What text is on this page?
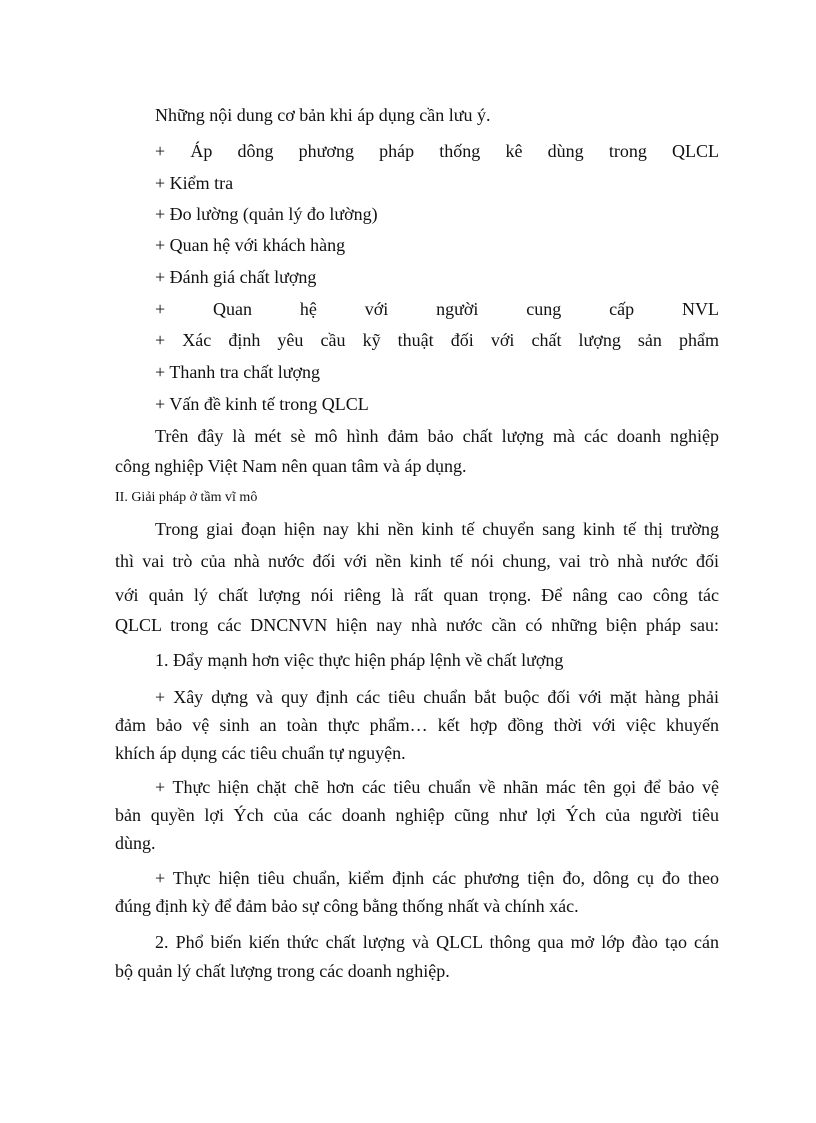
Những nội dung cơ bản khi áp dụng cần lưu ý.
+ Áp dông phương pháp thống kê dùng trong QLCL
+ Kiểm tra
+ Đo lường (quản lý đo lường)
+ Quan hệ với khách hàng
+ Đánh giá chất lượng
+ Quan hệ với người cung cấp NVL
+ Xác định yêu cầu kỹ thuật đối với chất lượng sản phẩm
+ Thanh tra chất lượng
+ Vấn đề kinh tế trong QLCL
Trên đây là mét sè mô hình đảm bảo chất lượng mà các doanh nghiệp
công nghiệp Việt Nam nên quan tâm và áp dụng.
II. Giải pháp ở tầm vĩ mô
Trong giai đoạn hiện nay khi nền kinh tế chuyển sang kinh tế thị trường
thì vai trò của nhà nước đối với nền kinh tế nói chung, vai trò nhà nước đối
với quản lý chất lượng nói riêng là rất quan trọng. Để nâng cao công tác
QLCL trong các DNCNVN hiện nay nhà nước cần có những biện pháp sau:
1. Đẩy mạnh hơn việc thực hiện pháp lệnh về chất lượng
+ Xây dựng và quy định các tiêu chuẩn bắt buộc đối với mặt hàng phải
đảm bảo vệ sinh an toàn thực phẩm… kết hợp đồng thời với việc khuyến
khích áp dụng các tiêu chuẩn tự nguyện.
+ Thực hiện chặt chẽ hơn các tiêu chuẩn về nhãn mác tên gọi để bảo vệ
bản quyền lợi Ých của các doanh nghiệp cũng như lợi Ých của người tiêu
dùng.
+ Thực hiện tiêu chuẩn, kiểm định các phương tiện đo, dông cụ đo theo
đúng định kỳ để đảm bảo sự công bằng thống nhất và chính xác.
2. Phổ biến kiến thức chất lượng và QLCL thông qua mở lớp đào tạo cán
bộ quản lý chất lượng trong các doanh nghiệp.
